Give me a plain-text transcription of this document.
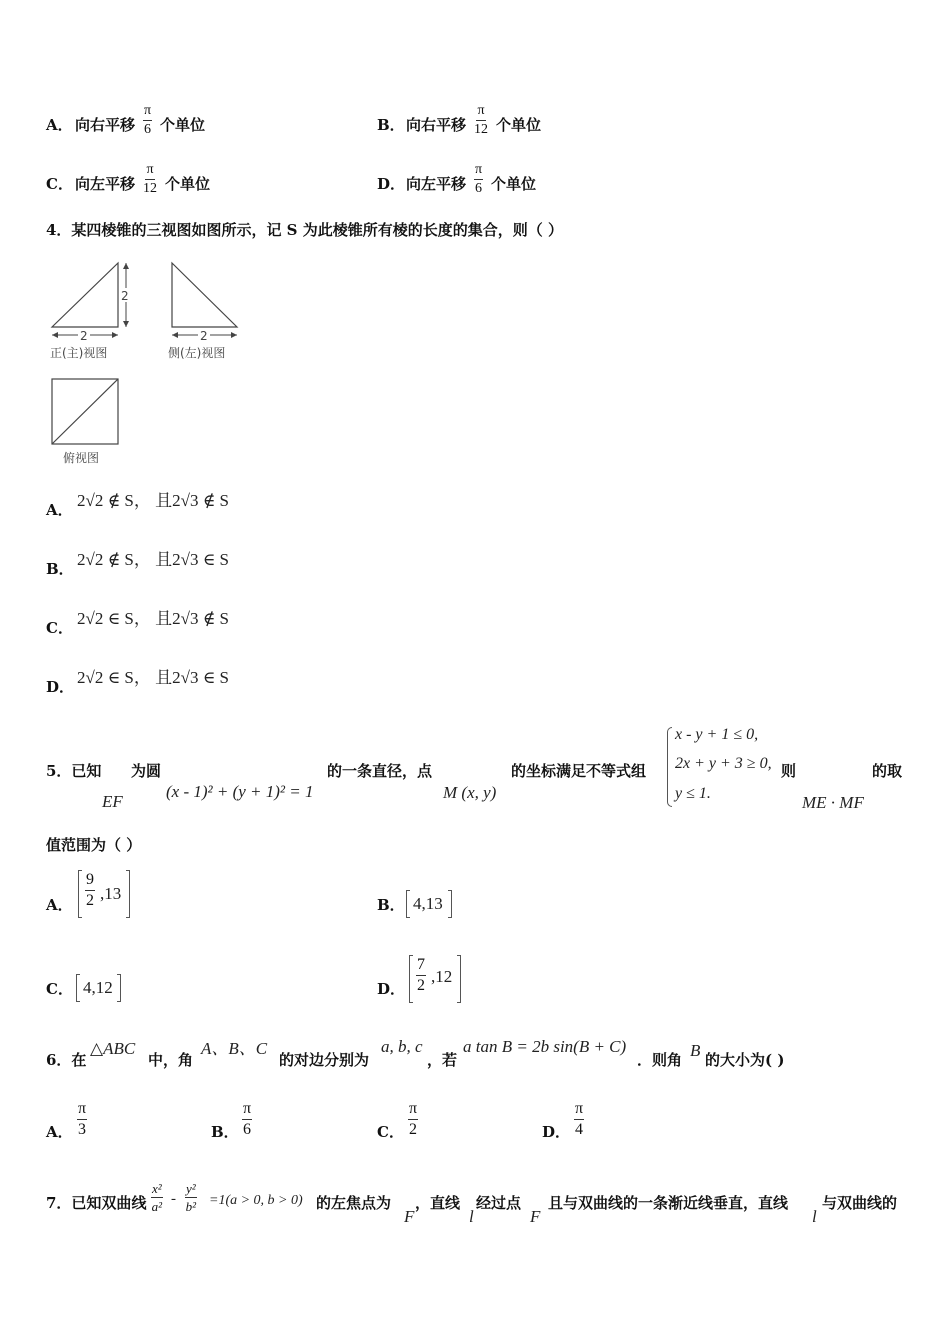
A． 向右平移 $\frac{\pi}{6}$ 个单位	B． 向右平移 $\frac{\pi}{12}$ 个单位
C． 向左平移 $\frac{\pi}{12}$ 个单位	D． 向左平移 $\frac{\pi}{6}$ 个单位
4．某四棱锥的三视图如图所示，记 S 为此棱锥所有棱的长度的集合，则（ ）
2
2
正(主)视图
2
侧(左)视图
俯视图
A． 2√2 ∉ S， 且2√3 ∉ S
B． 2√2 ∉ S， 且2√3 ∈ S
C． 2√2 ∈ S， 且2√3 ∉ S
D． 2√2 ∈ S， 且2√3 ∈ S
5．已知
EF
为圆
(x - 1)² + (y + 1)² = 1
的一条直径，点
M (x, y)
的坐标满足不等式组
x - y + 1 ≤ 0,
2x + y + 3 ≥ 0,
y ≤ 1.
则
ME · MF
的取
值范围为（ ）
A． $\frac{9}{2} ,13$
B． 4,13
C． 4,12	D． $\frac{7}{2} ,12$
6．在
△ABC
中，角
A、B、C
的对边分别为
a, b, c
，若
a tan B = 2b sin(B + C)
．则角 B 的大小为( )
A． $\frac{\pi}{3}$	B． $\frac{\pi}{6}$	C． $\frac{\pi}{2}$	D． $\frac{\pi}{4}$
7．已知双曲线 $\frac{\text{x²}}{\text{a²}} - \frac{\text{y²}}{\text{b²}} =1(a > 0$, b > 0) 的左焦点为
F
，直线
l
经过点
F
且与双曲线的一条渐近线垂直，直线
l
与双曲线的
